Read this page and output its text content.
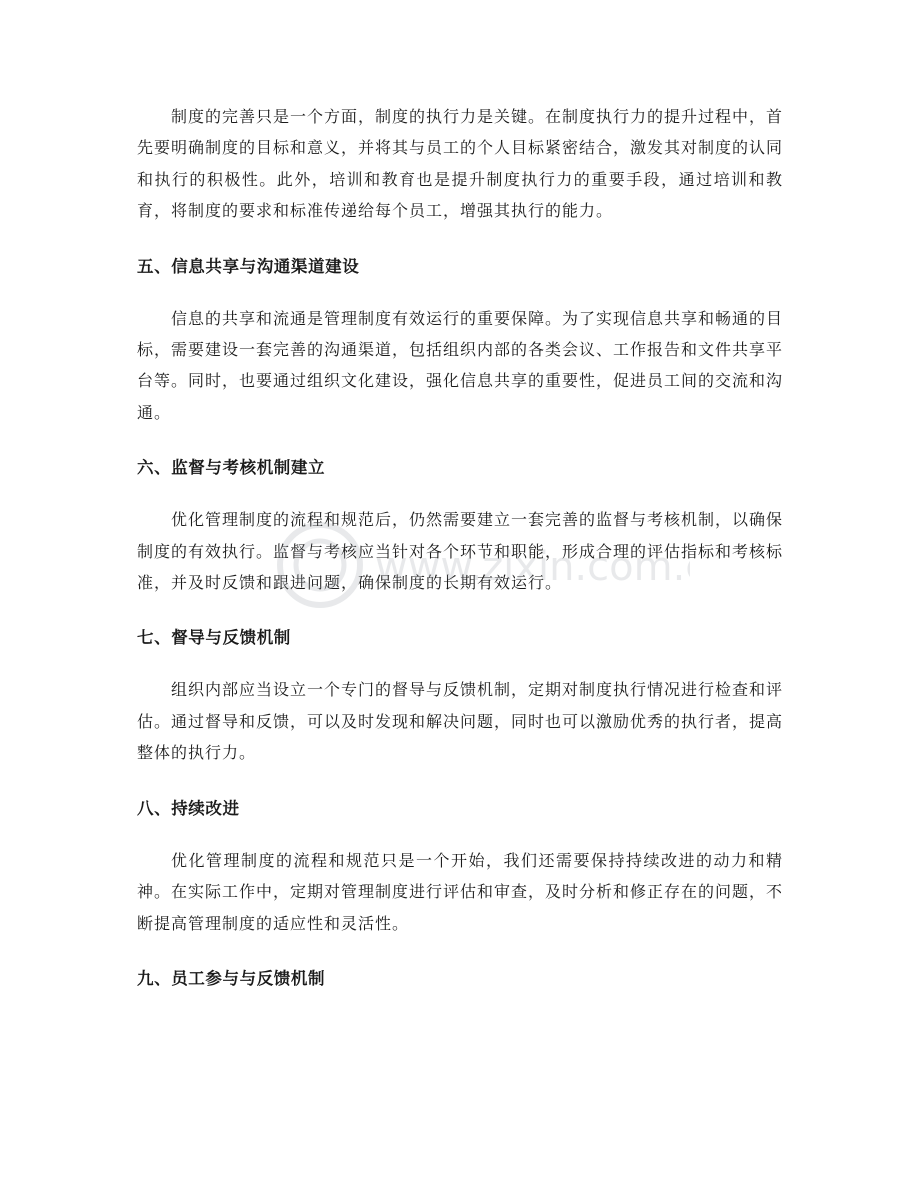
制度的完善只是一个方面，制度的执行力是关键。在制度执行力的提升过程中，首先要明确制度的目标和意义，并将其与员工的个人目标紧密结合，激发其对制度的认同和执行的积极性。此外，培训和教育也是提升制度执行力的重要手段，通过培训和教育，将制度的要求和标准传递给每个员工，增强其执行的能力。

五、信息共享与沟通渠道建设

信息的共享和流通是管理制度有效运行的重要保障。为了实现信息共享和畅通的目标，需要建设一套完善的沟通渠道，包括组织内部的各类会议、工作报告和文件共享平台等。同时，也要通过组织文化建设，强化信息共享的重要性，促进员工间的交流和沟通。

六、监督与考核机制建立

优化管理制度的流程和规范后，仍然需要建立一套完善的监督与考核机制，以确保制度的有效执行。监督与考核应当针对各个环节和职能，形成合理的评估指标和考核标准，并及时反馈和跟进问题，确保制度的长期有效运行。

七、督导与反馈机制

组织内部应当设立一个专门的督导与反馈机制，定期对制度执行情况进行检查和评估。通过督导和反馈，可以及时发现和解决问题，同时也可以激励优秀的执行者，提高整体的执行力。

八、持续改进

优化管理制度的流程和规范只是一个开始，我们还需要保持持续改进的动力和精神。在实际工作中，定期对管理制度进行评估和审查，及时分析和修正存在的问题，不断提高管理制度的适应性和灵活性。

九、员工参与与反馈机制
www.zixin.com.
